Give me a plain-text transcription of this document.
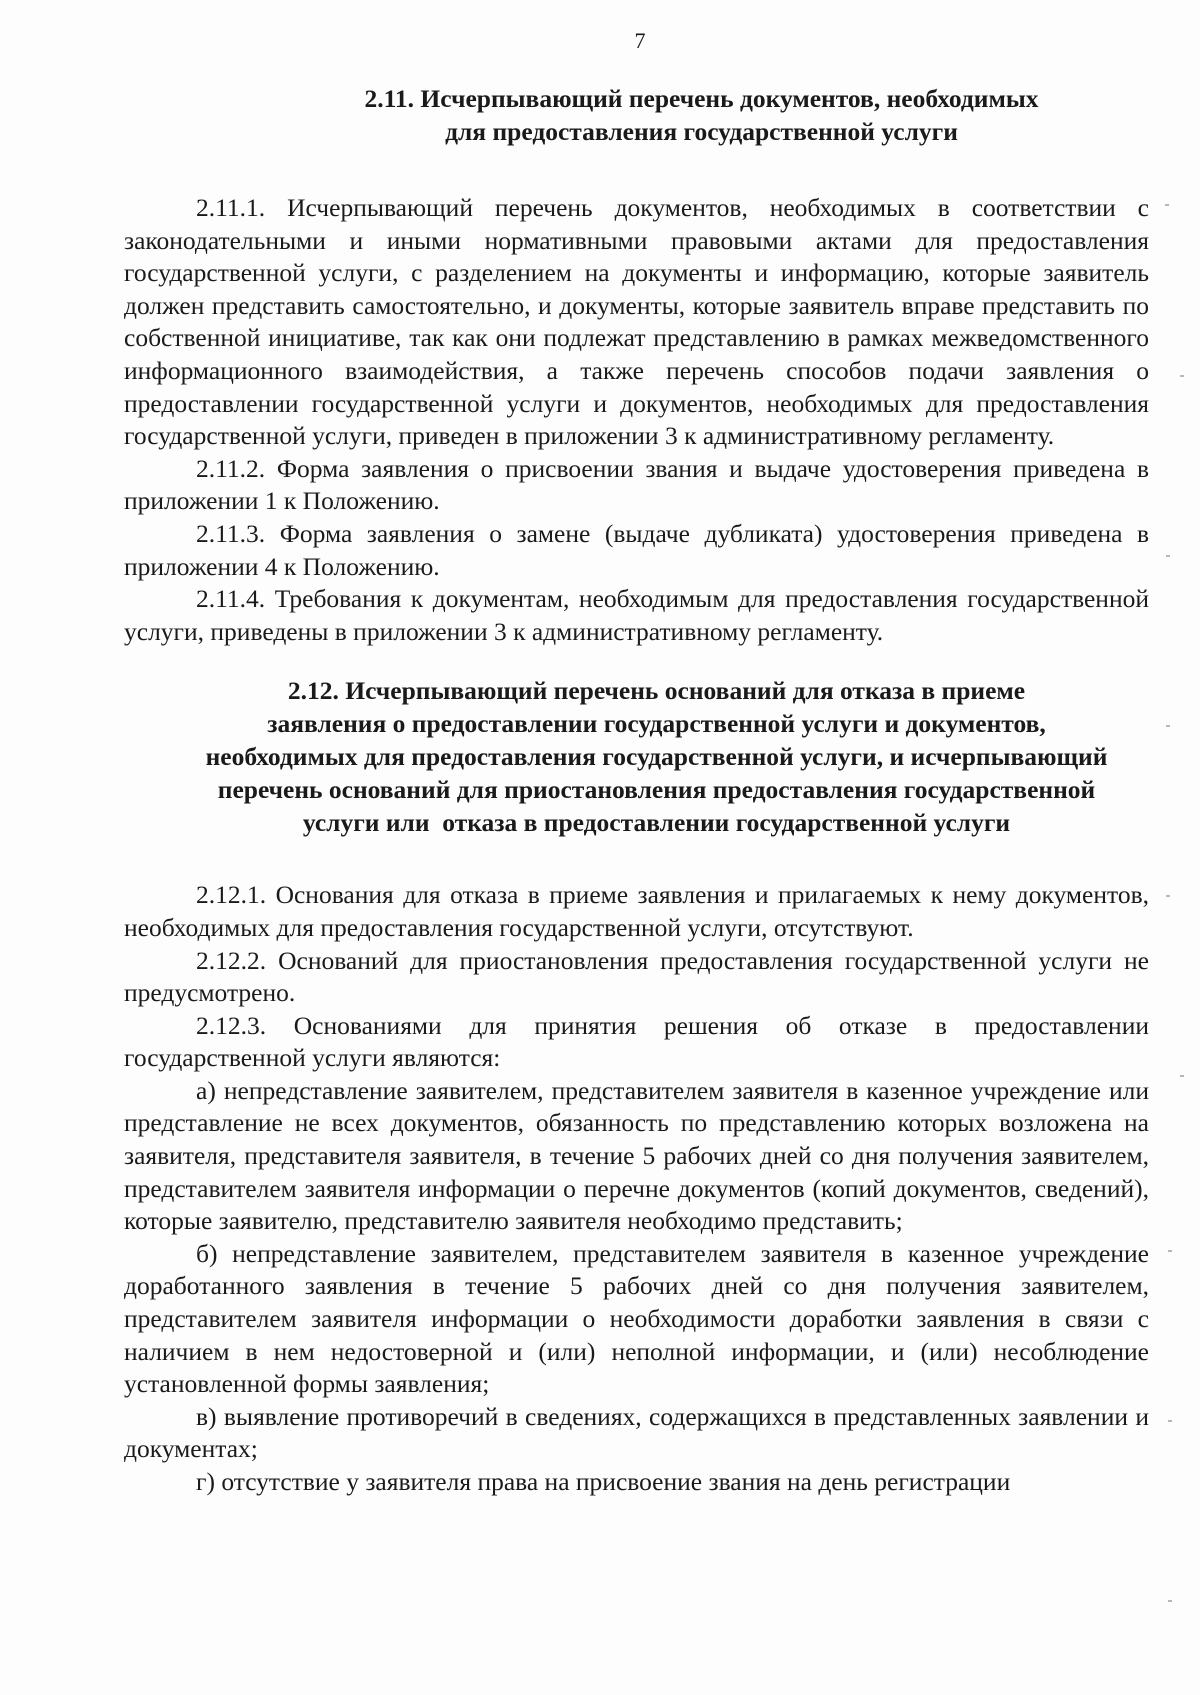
7
2.11. Исчерпывающий перечень документов, необходимых
для предоставления государственной услуги

2.11.1. Исчерпывающий перечень документов, необходимых в соответствии с законодательными и иными нормативными правовыми актами для предоставления государственной услуги, с разделением на документы и информацию, которые заявитель должен представить самостоятельно, и документы, которые заявитель вправе представить по собственной инициативе, так как они подлежат представлению в рамках межведомственного информационного взаимодействия, а также перечень способов подачи заявления о предоставлении государственной услуги и документов, необходимых для предоставления государственной услуги, приведен в приложении 3 к административному регламенту.

2.11.2. Форма заявления о присвоении звания и выдаче удостоверения приведена в приложении 1 к Положению.

2.11.3. Форма заявления о замене (выдаче дубликата) удостоверения приведена в приложении 4 к Положению.

2.11.4. Требования к документам, необходимым для предоставления государственной услуги, приведены в приложении 3 к административному регламенту.

2.12. Исчерпывающий перечень оснований для отказа в приеме
заявления о предоставлении государственной услуги и документов,
необходимых для предоставления государственной услуги, и исчерпывающий
перечень оснований для приостановления предоставления государственной
услуги или  отказа в предоставлении государственной услуги

2.12.1. Основания для отказа в приеме заявления и прилагаемых к нему документов, необходимых для предоставления государственной услуги, отсутствуют.

2.12.2. Оснований для приостановления предоставления государственной услуги не предусмотрено.

2.12.3. Основаниями для принятия решения об отказе в предоставлении государственной услуги являются:

а) непредставление заявителем, представителем заявителя в казенное учреждение или представление не всех документов, обязанность по представлению которых возложена на заявителя, представителя заявителя, в течение 5 рабочих дней со дня получения заявителем, представителем заявителя информации о перечне документов (копий документов, сведений), которые заявителю, представителю заявителя необходимо представить;

б) непредставление заявителем, представителем заявителя в казенное учреждение доработанного заявления в течение 5 рабочих дней со дня получения заявителем, представителем заявителя информации о необходимости доработки заявления в связи с наличием в нем недостоверной и (или) неполной информации, и (или) несоблюдение установленной формы заявления;

в) выявление противоречий в сведениях, содержащихся в представленных заявлении и документах;

г) отсутствие у заявителя права на присвоение звания на день регистрации
